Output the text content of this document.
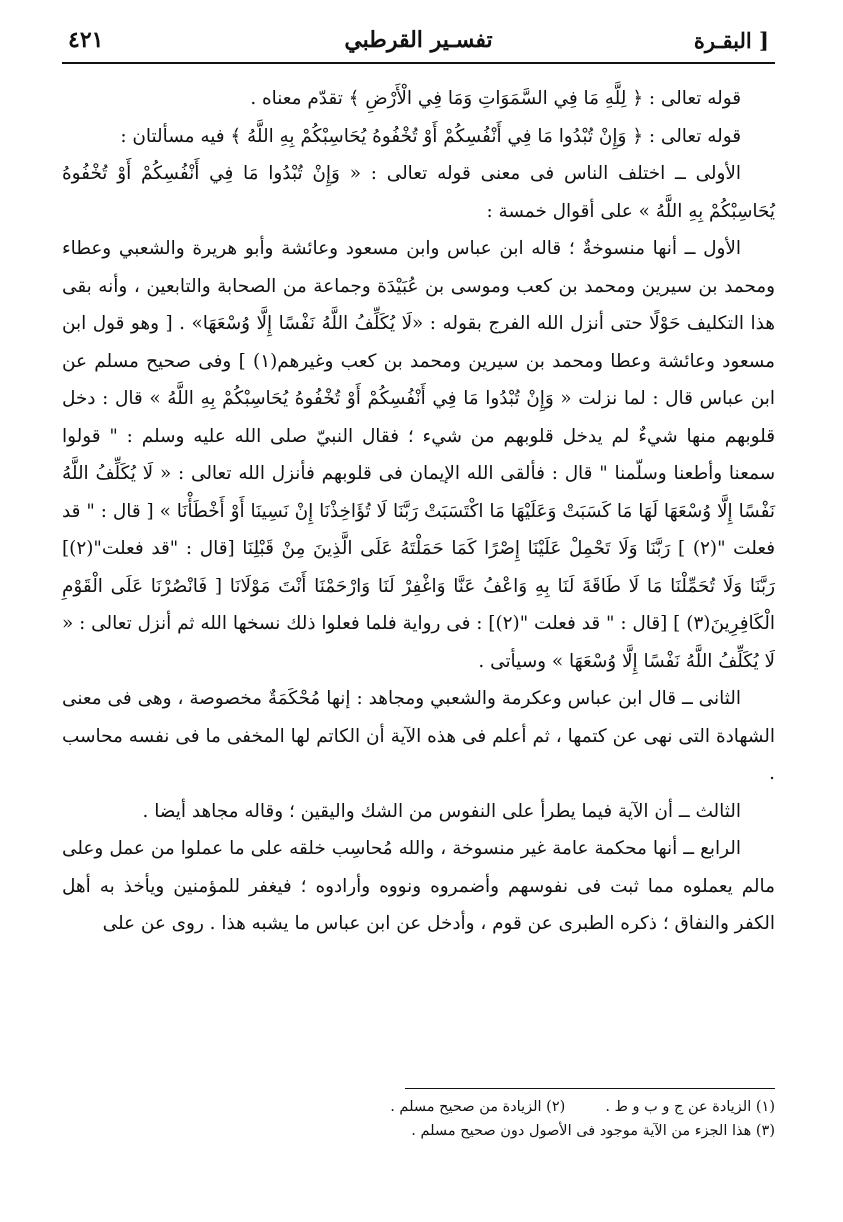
[ البقـرة
تفسـير القرطبي
٤٢١

قوله تعالى : ﴿ لِلَّهِ مَا فِي السَّمَوَاتِ وَمَا فِي الْأَرْضِ ﴾ تقدّم معناه .

قوله تعالى : ﴿ وَإِنْ تُبْدُوا مَا فِي أَنْفُسِكُمْ أَوْ تُخْفُوهُ يُحَاسِبْكُمْ بِهِ اللَّهُ ﴾ فيه مسألتان :

الأولى ــ اختلف الناس فى معنى قوله تعالى : « وَإِنْ تُبْدُوا مَا فِي أَنْفُسِكُمْ أَوْ تُخْفُوهُ يُحَاسِبْكُمْ بِهِ اللَّهُ » على أقوال خمسة :

الأول ــ أنها منسوخةٌ ؛ قاله ابن عباس وابن مسعود وعائشة وأبو هريرة والشعبي وعطاء ومحمد بن سيرين ومحمد بن كعب وموسى بن عُبَيْدَة وجماعة من الصحابة والتابعين ، وأنه بقى هذا التكليف حَوْلًا حتى أنزل الله الفرج بقوله : «لَا يُكَلِّفُ اللَّهُ نَفْسًا إِلَّا وُسْعَهَا» . [ وهو قول ابن مسعود وعائشة وعطا ومحمد بن سيرين ومحمد بن كعب وغيرهم(١) ] وفى صحيح مسلم عن ابن عباس قال : لما نزلت « وَإِنْ تُبْدُوا مَا فِي أَنْفُسِكُمْ أَوْ تُخْفُوهُ يُحَاسِبْكُمْ بِهِ اللَّهُ » قال : دخل قلوبهم منها شيءٌ لم يدخل قلوبهم من شيء ؛ فقال النبيّ صلى الله عليه وسلم : " قولوا سمعنا وأطعنا وسلّمنا " قال : فألقى الله الإيمان فى قلوبهم فأنزل الله تعالى : « لَا يُكَلِّفُ اللَّهُ نَفْسًا إِلَّا وُسْعَهَا لَهَا مَا كَسَبَتْ وَعَلَيْهَا مَا اكْتَسَبَتْ رَبَّنَا لَا تُؤَاخِذْنَا إِنْ نَسِينَا أَوْ أَخْطَأْنَا » [ قال : " قد فعلت "(٢) ] رَبَّنَا وَلَا تَحْمِلْ عَلَيْنَا إِصْرًا كَمَا حَمَلْتَهُ عَلَى الَّذِينَ مِنْ قَبْلِنَا [قال : "قد فعلت"(٢)] رَبَّنَا وَلَا تُحَمِّلْنَا مَا لَا طَاقَةَ لَنَا بِهِ وَاعْفُ عَنَّا وَاغْفِرْ لَنَا وَارْحَمْنَا أَنْتَ مَوْلَانَا [ فَانْصُرْنَا عَلَى الْقَوْمِ الْكَافِرِينَ(٣) ] [قال : " قد فعلت "(٢)] : فى رواية فلما فعلوا ذلك نسخها الله ثم أنزل تعالى : « لَا يُكَلِّفُ اللَّهُ نَفْسًا إِلَّا وُسْعَهَا » وسيأتى .

الثانى ــ قال ابن عباس وعكرمة والشعبي ومجاهد : إنها مُحْكَمَةٌ مخصوصة ، وهى فى معنى الشهادة التى نهى عن كتمها ، ثم أعلم فى هذه الآية أن الكاتم لها المخفى ما فى نفسه محاسب .

الثالث ــ أن الآية فيما يطرأ على النفوس من الشك واليقين ؛ وقاله مجاهد أيضا .

الرابع ــ أنها محكمة عامة غير منسوخة ، والله مُحاسِب خلقه على ما عملوا من عمل وعلى مالم يعملوه مما ثبت فى نفوسهم وأضمروه ونووه وأرادوه ؛ فيغفر للمؤمنين ويأخذ به أهل الكفر والنفاق ؛ ذكره الطبرى عن قوم ، وأدخل عن ابن عباس ما يشبه هذا . روى عن على

(١) الزيادة عن ج و ب و ط .
(٢) الزيادة من صحيح مسلم .
(٣) هذا الجزء من الآية موجود فى الأصول دون صحيح مسلم .
